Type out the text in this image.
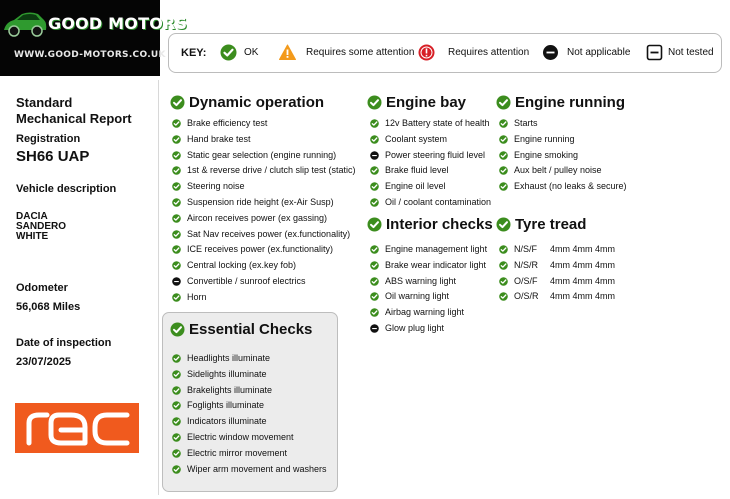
GOOD MOTORS
WWW.GOOD-MOTORS.CO.UK
Standard
Mechanical Report
Registration
SH66 UAP
Vehicle description
DACIA
SANDERO
WHITE
Odometer
56,068 Miles
Date of inspection
23/07/2025
KEY:	OK	Requires some attention	Requires attention	Not applicable	Not tested
Dynamic operation
Essential Checks
Engine bay
Interior checks
Engine running
Tyre tread
Brake efficiency test
Hand brake test
Static gear selection (engine running)
1st & reverse drive / clutch slip test (static)
Steering noise
Suspension ride height (ex-Air Susp)
Aircon receives power (ex gassing)
Sat Nav receives power (ex.functionality)
ICE receives power (ex.functionality)
Central locking (ex.key fob)
Convertible / sunroof electrics
Horn
Headlights illuminate
Sidelights illuminate
Brakelights illuminate
Foglights illuminate
Indicators illuminate
Electric window movement
Electric mirror movement
Wiper arm movement and washers
12v Battery state of health
Coolant system
Power steering fluid level
Brake fluid level
Engine oil level
Oil / coolant contamination
Engine management light
Brake wear indicator light
ABS warning light
Oil warning light
Airbag warning light
Glow plug light
Starts
Engine running
Engine smoking
Aux belt / pulley noise
Exhaust (no leaks & secure)
N/S/F 4mm 4mm 4mm
N/S/R 4mm 4mm 4mm
O/S/F 4mm 4mm 4mm
O/S/R 4mm 4mm 4mm
